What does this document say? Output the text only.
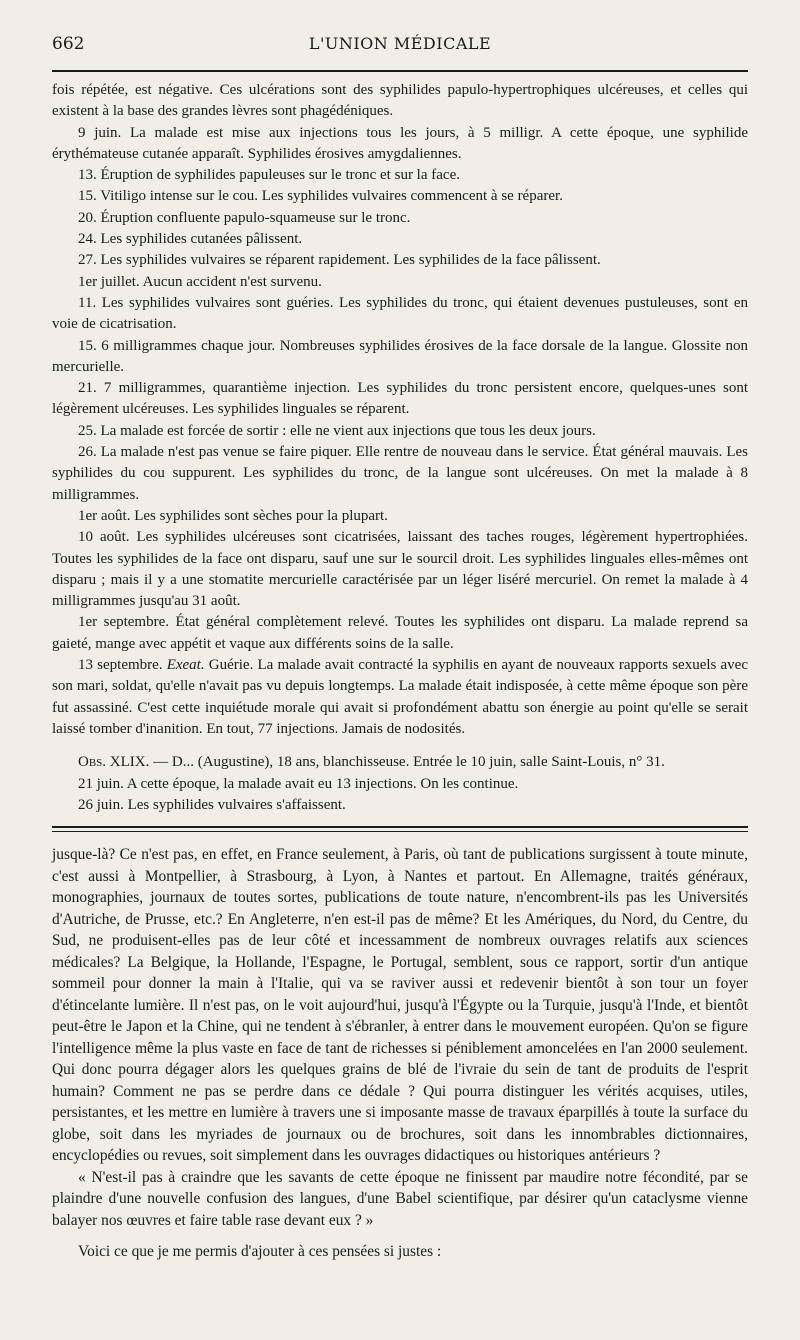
662	L'UNION MÉDICALE

fois répétée, est négative. Ces ulcérations sont des syphilides papulo-hypertrophiques ulcéreuses, et celles qui existent à la base des grandes lèvres sont phagédéniques.

9 juin. La malade est mise aux injections tous les jours, à 5 milligr. A cette époque, une syphilide érythémateuse cutanée apparaît. Syphilides érosives amygdaliennes.

13. Éruption de syphilides papuleuses sur le tronc et sur la face.

15. Vitiligo intense sur le cou. Les syphilides vulvaires commencent à se réparer.

20. Éruption confluente papulo-squameuse sur le tronc.

24. Les syphilides cutanées pâlissent.

27. Les syphilides vulvaires se réparent rapidement. Les syphilides de la face pâlissent.

1er juillet. Aucun accident n'est survenu.

11. Les syphilides vulvaires sont guéries. Les syphilides du tronc, qui étaient devenues pustuleuses, sont en voie de cicatrisation.

15. 6 milligrammes chaque jour. Nombreuses syphilides érosives de la face dorsale de la langue. Glossite non mercurielle.

21. 7 milligrammes, quarantième injection. Les syphilides du tronc persistent encore, quelques-unes sont légèrement ulcéreuses. Les syphilides linguales se réparent.

25. La malade est forcée de sortir : elle ne vient aux injections que tous les deux jours.

26. La malade n'est pas venue se faire piquer. Elle rentre de nouveau dans le service. État général mauvais. Les syphilides du cou suppurent. Les syphilides du tronc, de la langue sont ulcéreuses. On met la malade à 8 milligrammes.

1er août. Les syphilides sont sèches pour la plupart.

10 août. Les syphilides ulcéreuses sont cicatrisées, laissant des taches rouges, légèrement hypertrophiées. Toutes les syphilides de la face ont disparu, sauf une sur le sourcil droit. Les syphilides linguales elles-mêmes ont disparu ; mais il y a une stomatite mercurielle caractérisée par un léger liséré mercuriel. On remet la malade à 4 milligrammes jusqu'au 31 août.

1er septembre. État général complètement relevé. Toutes les syphilides ont disparu. La malade reprend sa gaieté, mange avec appétit et vaque aux différents soins de la salle.

13 septembre. Exeat. Guérie. La malade avait contracté la syphilis en ayant de nouveaux rapports sexuels avec son mari, soldat, qu'elle n'avait pas vu depuis longtemps. La malade était indisposée, à cette même époque son père fut assassiné. C'est cette inquiétude morale qui avait si profondément abattu son énergie au point qu'elle se serait laissé tomber d'inanition. En tout, 77 injections. Jamais de nodosités.

Obs. XLIX. — D... (Augustine), 18 ans, blanchisseuse. Entrée le 10 juin, salle Saint-Louis, n° 31.

21 juin. A cette époque, la malade avait eu 13 injections. On les continue.

26 juin. Les syphilides vulvaires s'affaissent.

jusque-là? Ce n'est pas, en effet, en France seulement, à Paris, où tant de publications surgissent à toute minute, c'est aussi à Montpellier, à Strasbourg, à Lyon, à Nantes et partout. En Allemagne, traités généraux, monographies, journaux de toutes sortes, publications de toute nature, n'encombrent-ils pas les Universités d'Autriche, de Prusse, etc.? En Angleterre, n'en est-il pas de même? Et les Amériques, du Nord, du Centre, du Sud, ne produisent-elles pas de leur côté et incessamment de nombreux ouvrages relatifs aux sciences médicales? La Belgique, la Hollande, l'Espagne, le Portugal, semblent, sous ce rapport, sortir d'un antique sommeil pour donner la main à l'Italie, qui va se raviver aussi et redevenir bientôt à son tour un foyer d'étincelante lumière. Il n'est pas, on le voit aujourd'hui, jusqu'à l'Égypte ou la Turquie, jusqu'à l'Inde, et bientôt peut-être le Japon et la Chine, qui ne tendent à s'ébranler, à entrer dans le mouvement européen. Qu'on se figure l'intelligence même la plus vaste en face de tant de richesses si péniblement amoncelées en l'an 2000 seulement. Qui donc pourra dégager alors les quelques grains de blé de l'ivraie du sein de tant de produits de l'esprit humain? Comment ne pas se perdre dans ce dédale ? Qui pourra distinguer les vérités acquises, utiles, persistantes, et les mettre en lumière à travers une si imposante masse de travaux éparpillés à toute la surface du globe, soit dans les myriades de journaux ou de brochures, soit dans les innombrables dictionnaires, encyclopédies ou revues, soit simplement dans les ouvrages didactiques ou historiques antérieurs ?

« N'est-il pas à craindre que les savants de cette époque ne finissent par maudire notre fécondité, par se plaindre d'une nouvelle confusion des langues, d'une Babel scientifique, par désirer qu'un cataclysme vienne balayer nos œuvres et faire table rase devant eux ? »

Voici ce que je me permis d'ajouter à ces pensées si justes :
